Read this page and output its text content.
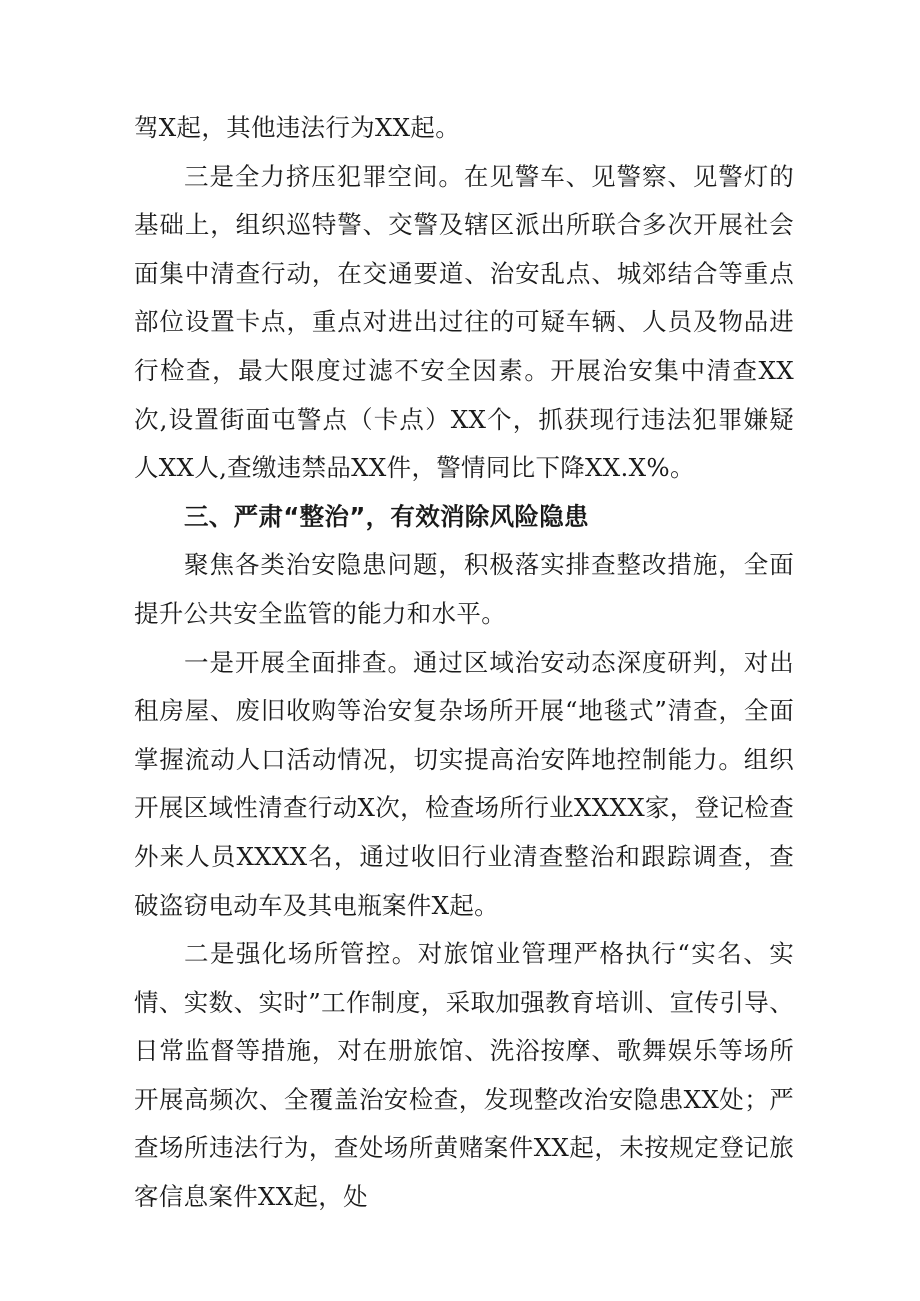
驾X起，其他违法行为XX起。

三是全力挤压犯罪空间。在见警车、见警察、见警灯的基础上，组织巡特警、交警及辖区派出所联合多次开展社会面集中清查行动，在交通要道、治安乱点、城郊结合等重点部位设置卡点，重点对进出过往的可疑车辆、人员及物品进行检查，最大限度过滤不安全因素。开展治安集中清查XX次,设置街面屯警点（卡点）XX个，抓获现行违法犯罪嫌疑人XX人,查缴违禁品XX件，警情同比下降XX.X%。

三、严肃“整治”，有效消除风险隐患

聚焦各类治安隐患问题，积极落实排查整改措施，全面提升公共安全监管的能力和水平。

一是开展全面排查。通过区域治安动态深度研判，对出租房屋、废旧收购等治安复杂场所开展“地毯式”清查，全面掌握流动人口活动情况，切实提高治安阵地控制能力。组织开展区域性清查行动X次，检查场所行业XXXX家，登记检查外来人员XXXX名，通过收旧行业清查整治和跟踪调查，查破盗窃电动车及其电瓶案件X起。

二是强化场所管控。对旅馆业管理严格执行“实名、实情、实数、实时”工作制度，采取加强教育培训、宣传引导、日常监督等措施，对在册旅馆、洗浴按摩、歌舞娱乐等场所开展高频次、全覆盖治安检查，发现整改治安隐患XX处；严查场所违法行为，查处场所黄赌案件XX起，未按规定登记旅客信息案件XX起，处
